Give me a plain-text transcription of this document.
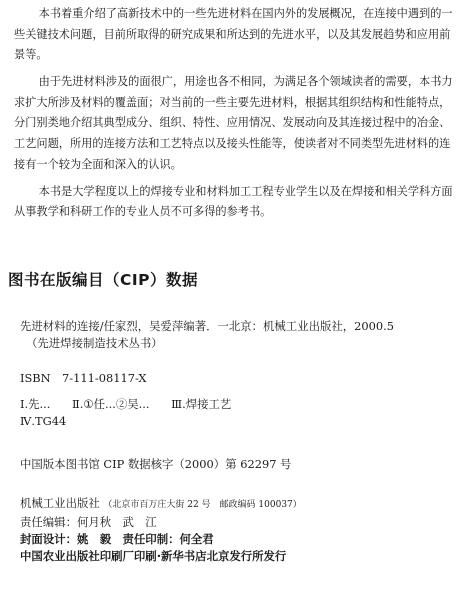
本书着重介绍了高新技术中的一些先进材料在国内外的发展概况，在连接中遇到的一些关键技术问题，目前所取得的研究成果和所达到的先进水平，以及其发展趋势和应用前景等。

由于先进材料涉及的面很广，用途也各不相同，为满足各个领域读者的需要，本书力求扩大所涉及材料的覆盖面；对当前的一些主要先进材料，根据其组织结构和性能特点，分门别类地介绍其典型成分、组织、特性、应用情况、发展动向及其连接过程中的冶金、工艺问题，所用的连接方法和工艺特点以及接头性能等，使读者对不同类型先进材料的连接有一个较为全面和深入的认识。

本书是大学程度以上的焊接专业和材料加工工程专业学生以及在焊接和相关学科方面从事教学和科研工作的专业人员不可多得的参考书。

图书在版编目（CIP）数据
先进材料的连接/任家烈，吴爱萍编著．一北京：机械工业出版社，2000.5
（先进焊接制造技术丛书）
ISBN　7-111-08117-X
Ⅰ.先... Ⅱ.①任...②吴... Ⅲ.焊接工艺
Ⅳ.TG44
中国版本图书馆 CIP 数据核字（2000）第 62297 号
机械工业出版社 （北京市百万庄大街 22 号　邮政编码 100037）
责任编辑：何月秋　武　江
封面设计：姚　毅　责任印制：何全君
中国农业出版社印刷厂印刷·新华书店北京发行所发行
